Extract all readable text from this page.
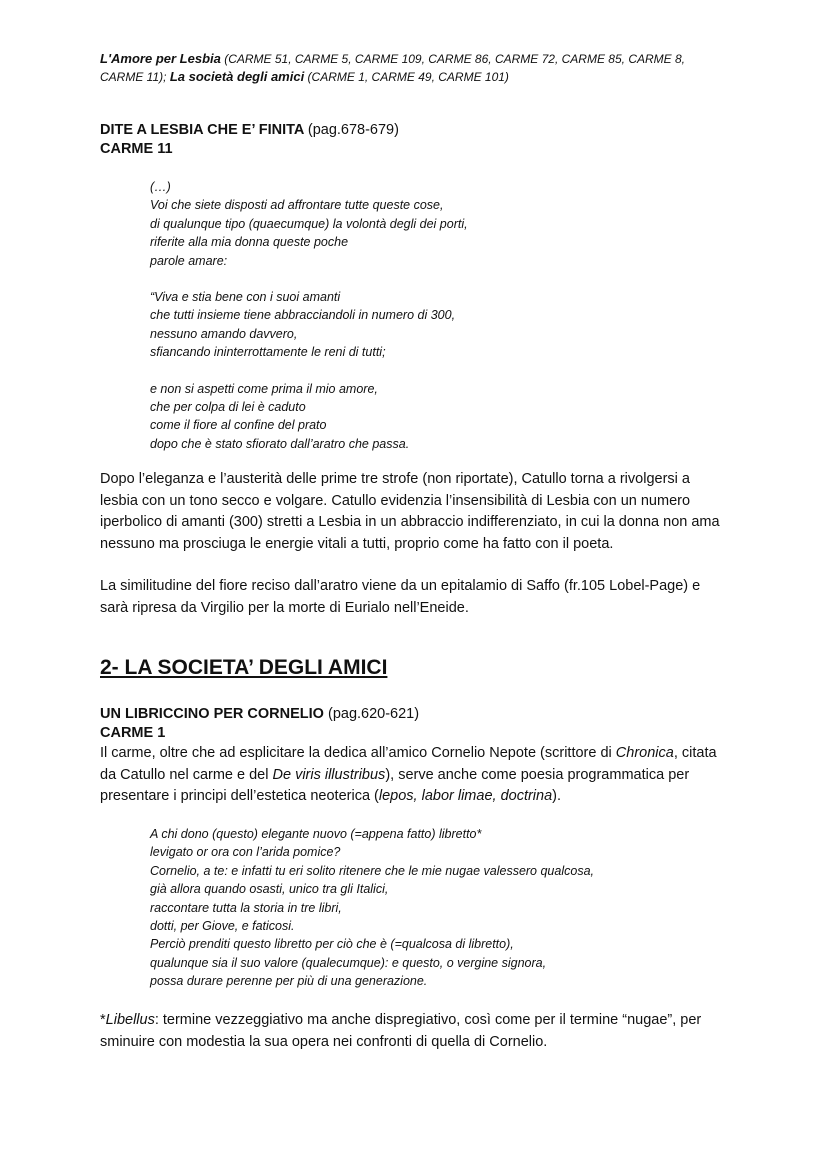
L'Amore per Lesbia (CARME 51, CARME 5, CARME 109, CARME 86, CARME 72, CARME 85, CARME 8, CARME 11); La società degli amici (CARME 1, CARME 49, CARME 101)
DITE A LESBIA CHE E’ FINITA (pag.678-679)
CARME 11
(…)
Voi che siete disposti ad affrontare tutte queste cose,
di qualunque tipo (quaecumque) la volontà degli dei porti,
riferite alla mia donna queste poche
parole amare:
“Viva e stia bene con i suoi amanti
che tutti insieme tiene abbracciandoli in numero di 300,
nessuno amando davvero,
sfiancando ininterrottamente le reni di tutti;
e non si aspetti come prima il mio amore,
che per colpa di lei è caduto
come il fiore al confine del prato
dopo che è stato sfiorato dall’aratro che passa.
Dopo l’eleganza e l’austerità delle prime tre strofe (non riportate), Catullo torna a rivolgersi a lesbia con un tono secco e volgare. Catullo evidenzia l’insensibilità di Lesbia con un numero iperbolico di amanti (300) stretti a Lesbia in un abbraccio indifferenziato, in cui la donna non ama nessuno ma prosciuga le energie vitali a tutti, proprio come ha fatto con il poeta.
La similitudine del fiore reciso dall’aratro viene da un epitalamio di Saffo (fr.105 Lobel-Page) e sarà ripresa da Virgilio per la morte di Eurialo nell’Eneide.
2- LA SOCIETA’ DEGLI AMICI
UN LIBRICCINO PER CORNELIO (pag.620-621)
CARME 1
Il carme, oltre che ad esplicitare la dedica all’amico Cornelio Nepote (scrittore di Chronica, citata da Catullo nel carme e del De viris illustribus), serve anche come poesia programmatica per presentare i principi dell’estetica neoterica (lepos, labor limae, doctrina).
A chi dono (questo) elegante nuovo (=appena fatto) libretto*
levigato or ora con l’arida pomice?
Cornelio, a te: e infatti tu eri solito ritenere che le mie nugae valessero qualcosa,
già allora quando osasti, unico tra gli Italici,
raccontare tutta la storia in tre libri,
dotti, per Giove, e faticosi.
Perciò prenditi questo libretto per ciò che è (=qualcosa di libretto),
qualunque sia il suo valore (qualecumque): e questo, o vergine signora,
possa durare perenne per più di una generazione.
*Libellus: termine vezzeggiativo ma anche dispregiativo, così come per il termine “nugae”, per sminuire con modestia la sua opera nei confronti di quella di Cornelio.
